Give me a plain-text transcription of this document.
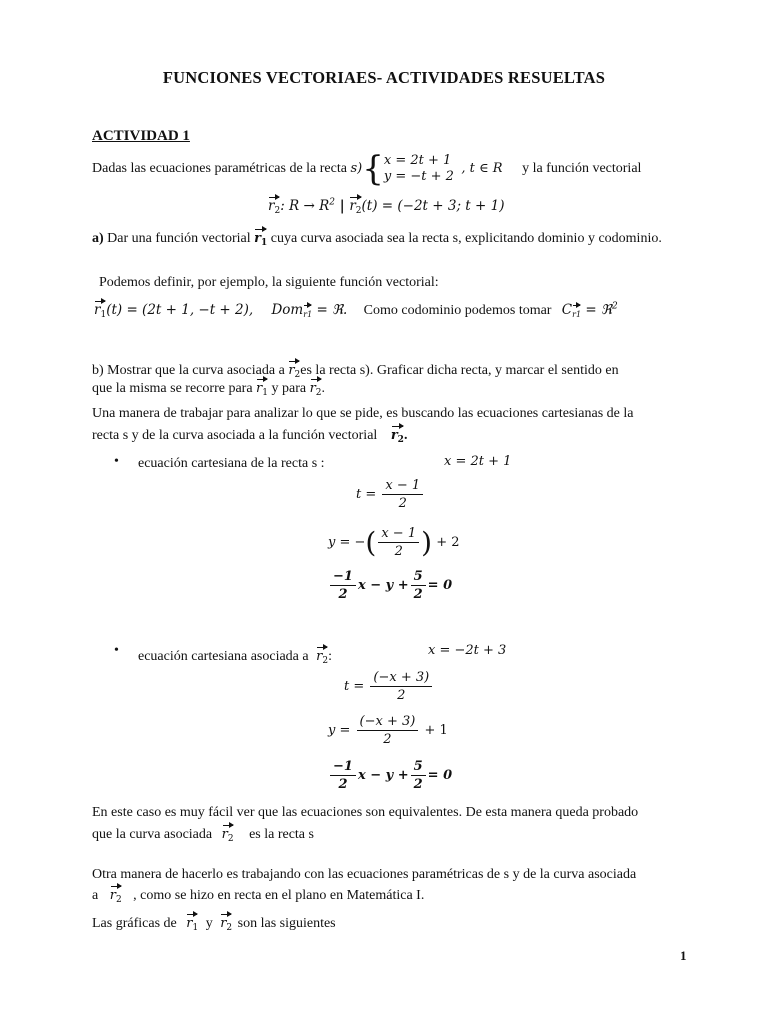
FUNCIONES VECTORIAES- ACTIVIDADES RESUELTAS
ACTIVIDAD 1
Dadas las ecuaciones paramétricas de la recta s){ x = 2t + 1
y = −t + 2
, t ∈ R y la función vectorial
$r_2$: $R \to R^2$ | $r_2(t) = (-2t + 3$; t + 1)
a) Dar una función vectorial $r_1$ cuya curva asociada sea la recta s, explicitando dominio y codominio.
Podemos definir, por ejemplo, la siguiente función vectorial:
$r_1(t) = (2t + 1$, −t + 2), Domr1 = ℜ. Como codominio podemos tomar Cr1 = ℜ$^2$
b) Mostrar que la curva asociada a $r_2es$ la recta s). Graficar dicha recta, y marcar el sentido en
que la misma se recorre para $r_1$ y para $r_2$.
Una manera de trabajar para analizar lo que se pide, es buscando las ecuaciones cartesianas de la
recta s y de la curva asociada a la función vectorial $r_2$.
• ecuación cartesiana de la recta s :	x = 2t + 1
$t = \frac{x - 1}{2}$
y = −( $\frac{x - 1}{2}$ ) + 2
$\frac{-1}{2}$ $x - y + \frac{5}{2} = 0$
• ecuación cartesiana asociada a $r_2$:	x = −2t + 3
$t = \frac{(-x + 3)}{2}$
$y = \frac{(-x + 3)}{2} + 1$
$\frac{-1}{2}$ $x - y + \frac{5}{2} = 0$
En este caso es muy fácil ver que las ecuaciones son equivalentes. De esta manera queda probado
que la curva asociada $r_2$ es la recta s
Otra manera de hacerlo es trabajando con las ecuaciones paramétricas de s y de la curva asociada
a $r_2$ , como se hizo en recta en el plano en Matemática I.
Las gráficas de $r_1$ y $r_2$ son las siguientes
1
